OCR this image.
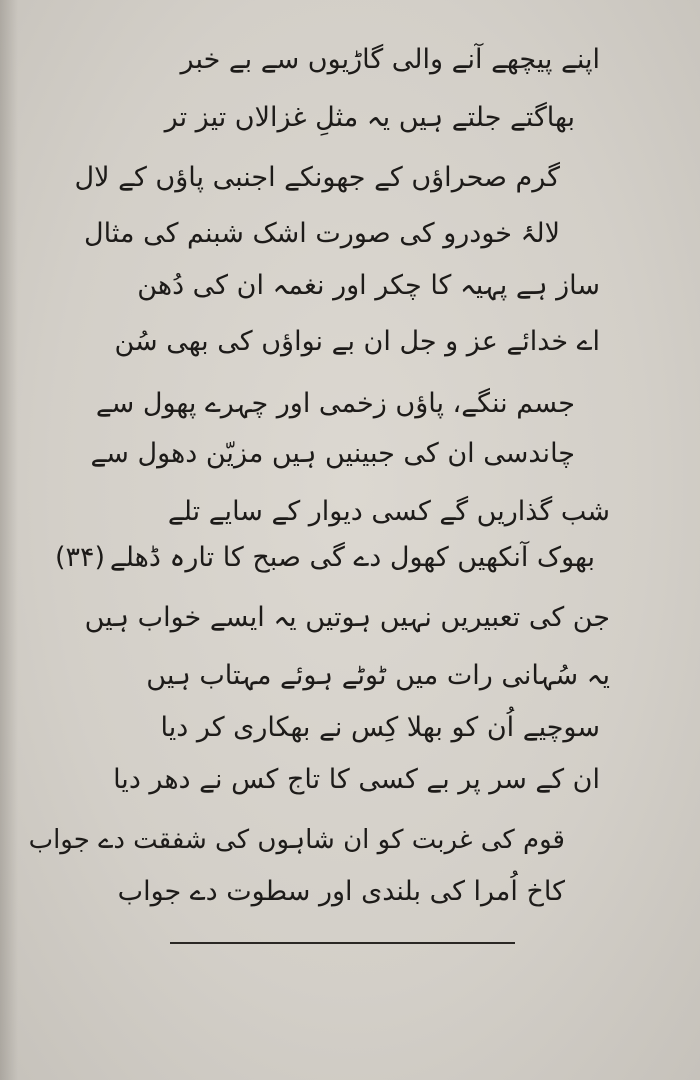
اپنے پیچھے آنے والی گاڑیوں سے بے خبر
بھاگتے جلتے ہیں یہ مثلِ غزالاں تیز تر
گرم صحراؤں کے جھونکے اجنبی پاؤں کے لال
لالۂ خودرو کی صورت اشک شبنم کی مثال
ساز ہے پہیہ کا چکر اور نغمہ ان کی دُھن
اے خدائے عز و جل ان بے نواؤں کی بھی سُن
جسم ننگے، پاؤں زخمی اور چہرے پھول سے
چاندسی ان کی جبینیں ہیں مزیّن دھول سے
شب گذاریں گے کسی دیوار کے سایے تلے
بھوک آنکھیں کھول دے گی صبح کا تارہ ڈھلے
(۳۴)
جن کی تعبیریں نہیں ہوتیں یہ ایسے خواب ہیں
یہ سُہانی رات میں ٹوٹے ہوئے مہتاب ہیں
سوچیے اُن کو بھلا کِس نے بھکاری کر دیا
ان کے سر پر بے کسی کا تاج کس نے دھر دیا
قوم کی غربت کو ان شاہوں کی شفقت دے جواب
کاخ اُمرا کی بلندی اور سطوت دے جواب
